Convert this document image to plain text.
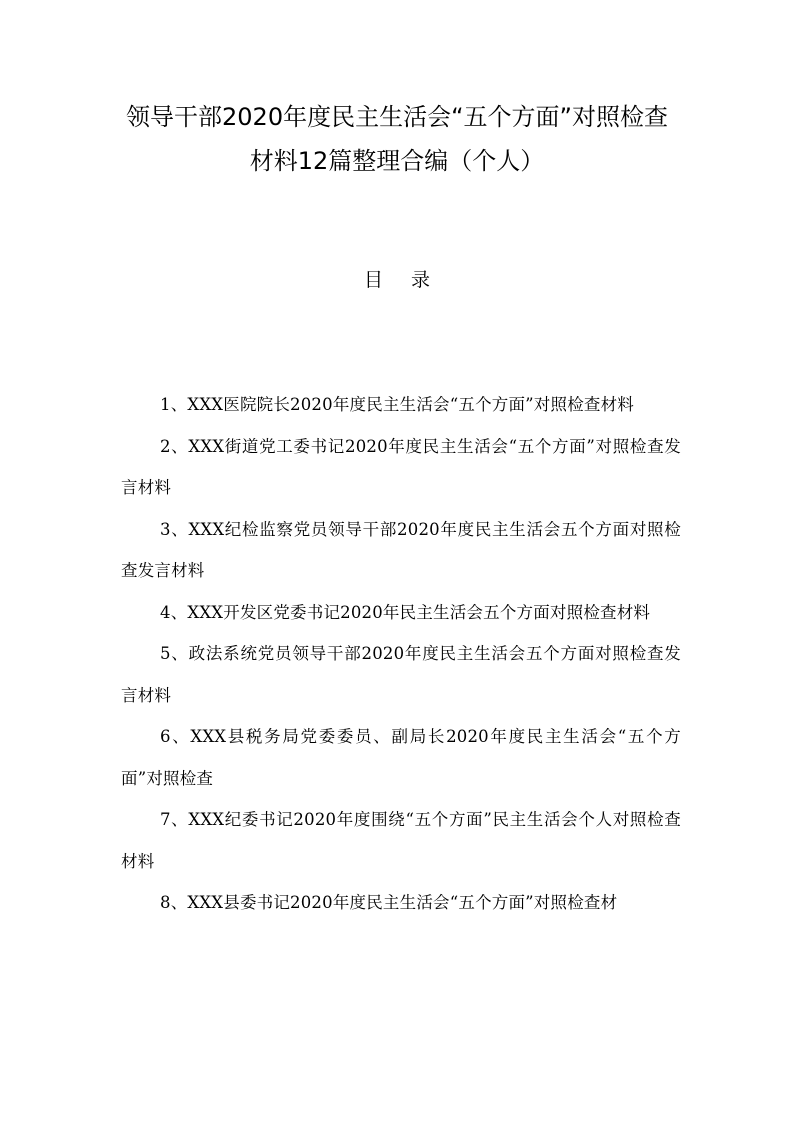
领导干部2020年度民主生活会“五个方面”对照检查
材料12篇整理合编（个人）
目 录
1、XXX医院院长2020年度民主生活会“五个方面”对照检查材料
2、XXX街道党工委书记2020年度民主生活会“五个方面”对照检查发言材料
3、XXX纪检监察党员领导干部2020年度民主生活会五个方面对照检查发言材料
4、XXX开发区党委书记2020年民主生活会五个方面对照检查材料
5、政法系统党员领导干部2020年度民主生活会五个方面对照检查发言材料
6、XXX县税务局党委委员、副局长2020年度民主生活会“五个方面”对照检查
7、XXX纪委书记2020年度围绕“五个方面”民主生活会个人对照检查材料
8、XXX县委书记2020年度民主生活会“五个方面”对照检查材
